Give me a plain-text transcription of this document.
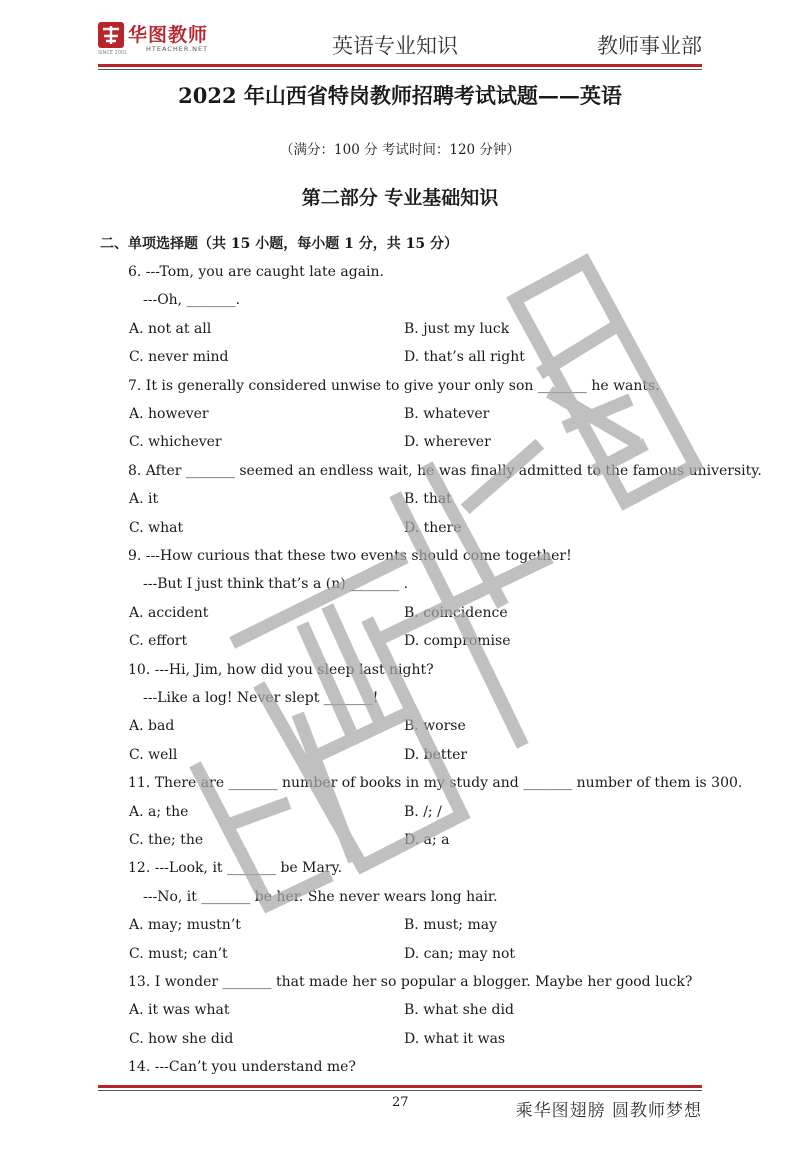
华图教师
HTEACHER.NET
SINCE 2001	英语专业知识	教师事业部
2022 年山西省特岗教师招聘考试试题——英语
（满分：100 分 考试时间：120 分钟）
第二部分 专业基础知识
二、单项选择题（共 15 小题，每小题 1 分，共 15 分）
6. ---Tom, you are caught late again.
---Oh, _______.
A. not at all	B. just my luck
C. never mind	D. that’s all right
7. It is generally considered unwise to give your only son _______ he wants.
A. however	B. whatever
C. whichever	D. wherever
8. After _______ seemed an endless wait, he was finally admitted to the famous university.
A. it	B. that
C. what	D. there
9. ---How curious that these two events should come together!
---But I just think that’s a (n) _______ .
A. accident	B. coincidence
C. effort	D. compromise
10. ---Hi, Jim, how did you sleep last night?
---Like a log! Never slept _______!
A. bad	B. worse
C. well	D. better
11. There are _______ number of books in my study and _______ number of them is 300.
A. a; the	B. /; /
C. the; the	D. a; a
12. ---Look, it _______ be Mary.
---No, it _______ be her. She never wears long hair.
A. may; mustn’t	B. must; may
C. must; can’t	D. can; may not
13. I wonder _______ that made her so popular a blogger. Maybe her good luck?
A. it was what	B. what she did
C. how she did	D. what it was
14. ---Can’t you understand me?
27	乘华图翅膀 圆教师梦想
